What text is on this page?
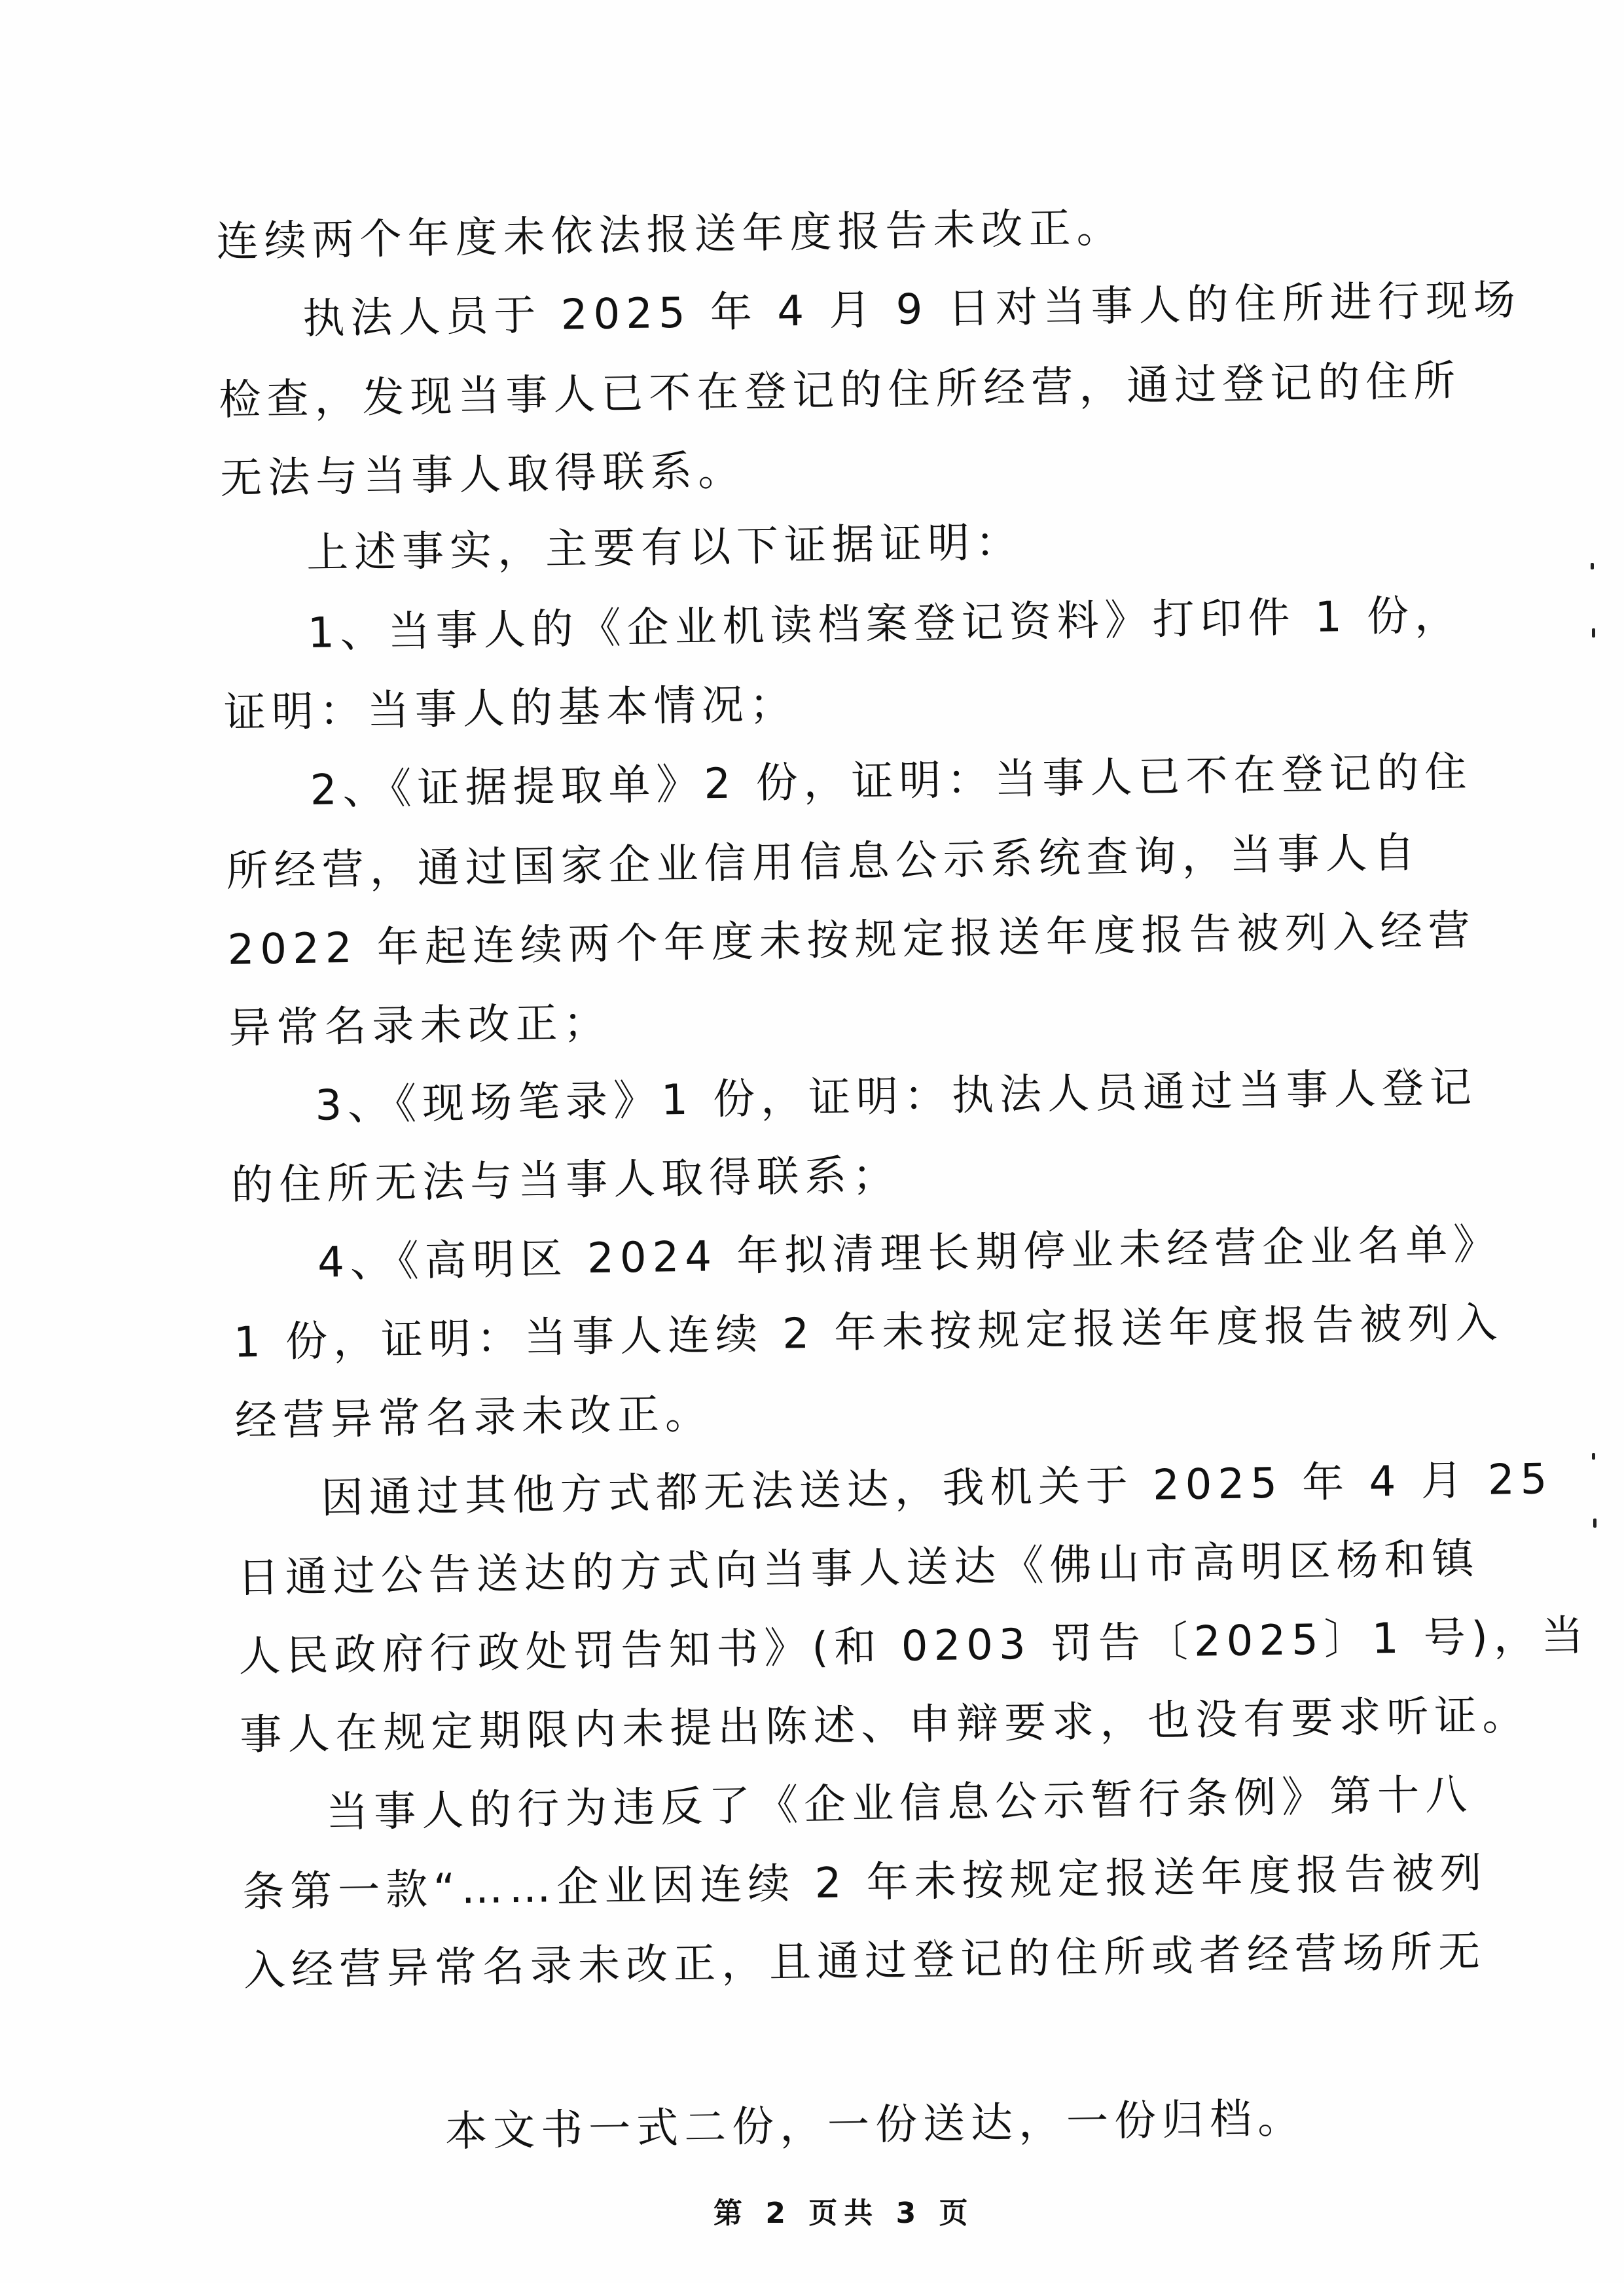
连续两个年度未依法报送年度报告未改正。
执法人员于 2025 年 4 月 9 日对当事人的住所进行现场
检查，发现当事人已不在登记的住所经营，通过登记的住所
无法与当事人取得联系。
上述事实，主要有以下证据证明：
1、当事人的《企业机读档案登记资料》打印件 1 份，
证明：当事人的基本情况；
2、《证据提取单》2 份，证明：当事人已不在登记的住
所经营，通过国家企业信用信息公示系统查询，当事人自
2022 年起连续两个年度未按规定报送年度报告被列入经营
异常名录未改正；
3、《现场笔录》1 份，证明：执法人员通过当事人登记
的住所无法与当事人取得联系；
4、《高明区 2024 年拟清理长期停业未经营企业名单》
1 份，证明：当事人连续 2 年未按规定报送年度报告被列入
经营异常名录未改正。
因通过其他方式都无法送达，我机关于 2025 年 4 月 25
日通过公告送达的方式向当事人送达《佛山市高明区杨和镇
人民政府行政处罚告知书》(和 0203 罚告〔2025〕1 号)，当
事人在规定期限内未提出陈述、申辩要求，也没有要求听证。
当事人的行为违反了《企业信息公示暂行条例》第十八
条第一款“……企业因连续 2 年未按规定报送年度报告被列
入经营异常名录未改正，且通过登记的住所或者经营场所无
本文书一式二份，一份送达，一份归档。
第 2 页共 3 页
